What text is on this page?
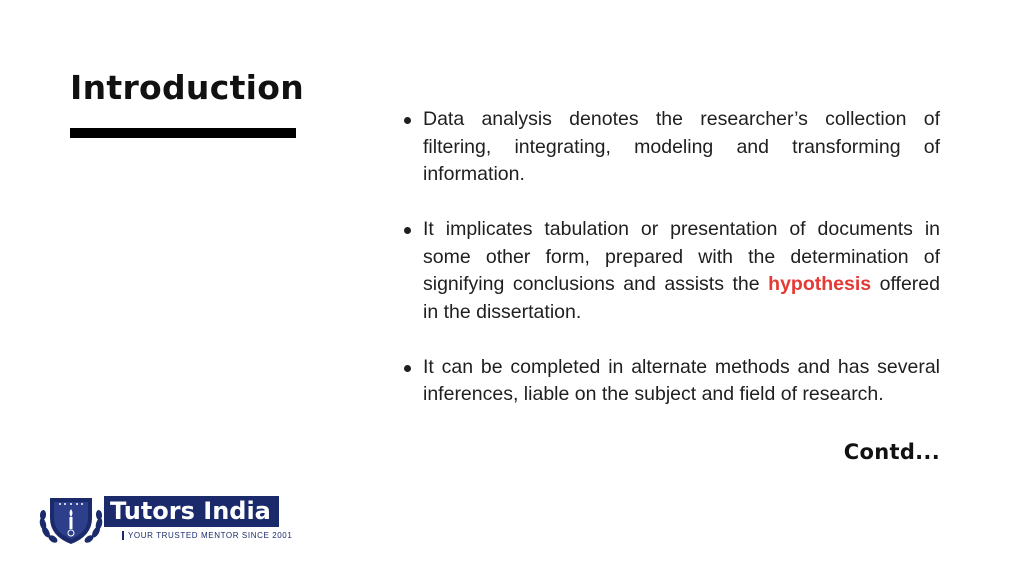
Introduction
Data analysis denotes the researcher’s collection of filtering, integrating, modeling and transforming of information.
It implicates tabulation or presentation of documents in some other form, prepared with the determination of signifying conclusions and assists the hypothesis offered in the dissertation.
It can be completed in alternate methods and has several inferences, liable on the subject and field of research.
Contd...
Tutors India
YOUR TRUSTED MENTOR SINCE 2001
